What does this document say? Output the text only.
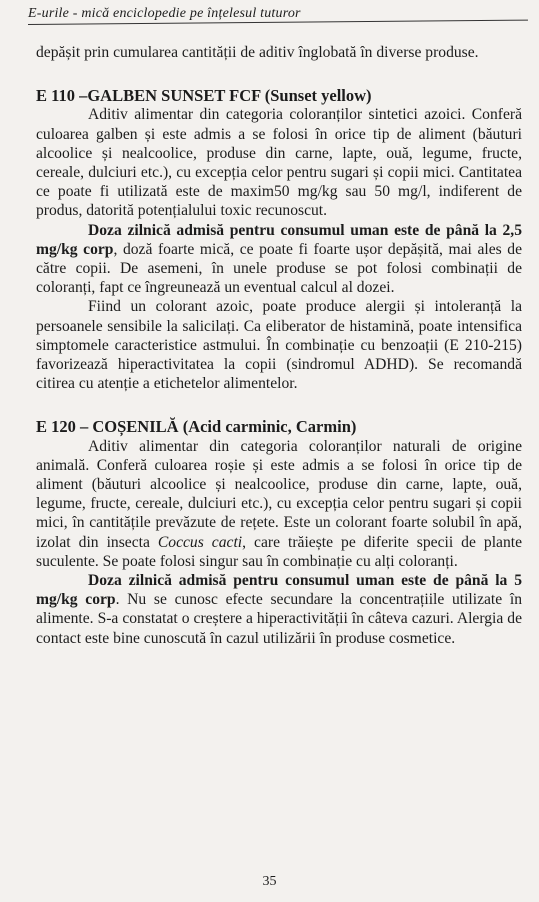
E-urile - mică enciclopedie pe înțelesul tuturor

depășit prin cumularea cantității de aditiv înglobată în diverse produse.

E 110 –GALBEN SUNSET FCF (Sunset yellow)

Aditiv alimentar din categoria coloranților sintetici azoici. Conferă culoarea galben și este admis a se folosi în orice tip de aliment (băuturi alcoolice și nealcoolice, produse din carne, lapte, ouă, legume, fructe, cereale, dulciuri etc.), cu excepția celor pentru sugari și copii mici. Cantitatea ce poate fi utilizată este de maxim50 mg/kg sau 50 mg/l, indiferent de produs, datorită potențialului toxic recunoscut.

Doza zilnică admisă pentru consumul uman este de până la 2,5 mg/kg corp, doză foarte mică, ce poate fi foarte ușor depășită, mai ales de către copii. De asemeni, în unele produse se pot folosi combinații de coloranți, fapt ce îngreunează un eventual calcul al dozei.

Fiind un colorant azoic, poate produce alergii și intoleranță la persoanele sensibile la salicilați. Ca eliberator de histamină, poate intensifica simptomele caracteristice astmului. În combinație cu benzoații (E 210-215) favorizează hiperactivitatea la copii (sindromul ADHD). Se recomandă citirea cu atenție a etichetelor alimentelor.

E 120 – COȘENILĂ (Acid carminic, Carmin)

Aditiv alimentar din categoria coloranților naturali de origine animală. Conferă culoarea roșie și este admis a se folosi în orice tip de aliment (băuturi alcoolice și nealcoolice, produse din carne, lapte, ouă, legume, fructe, cereale, dulciuri etc.), cu excepția celor pentru sugari și copii mici, în cantitățile prevăzute de rețete. Este un colorant foarte solubil în apă, izolat din insecta Coccus cacti, care trăiește pe diferite specii de plante suculente. Se poate folosi singur sau în combinație cu alți coloranți.

Doza zilnică admisă pentru consumul uman este de până la 5 mg/kg corp. Nu se cunosc efecte secundare la concentrațiile utilizate în alimente. S-a constatat o creștere a hiperactivității în câteva cazuri. Alergia de contact este bine cunoscută în cazul utilizării în produse cosmetice.

35
